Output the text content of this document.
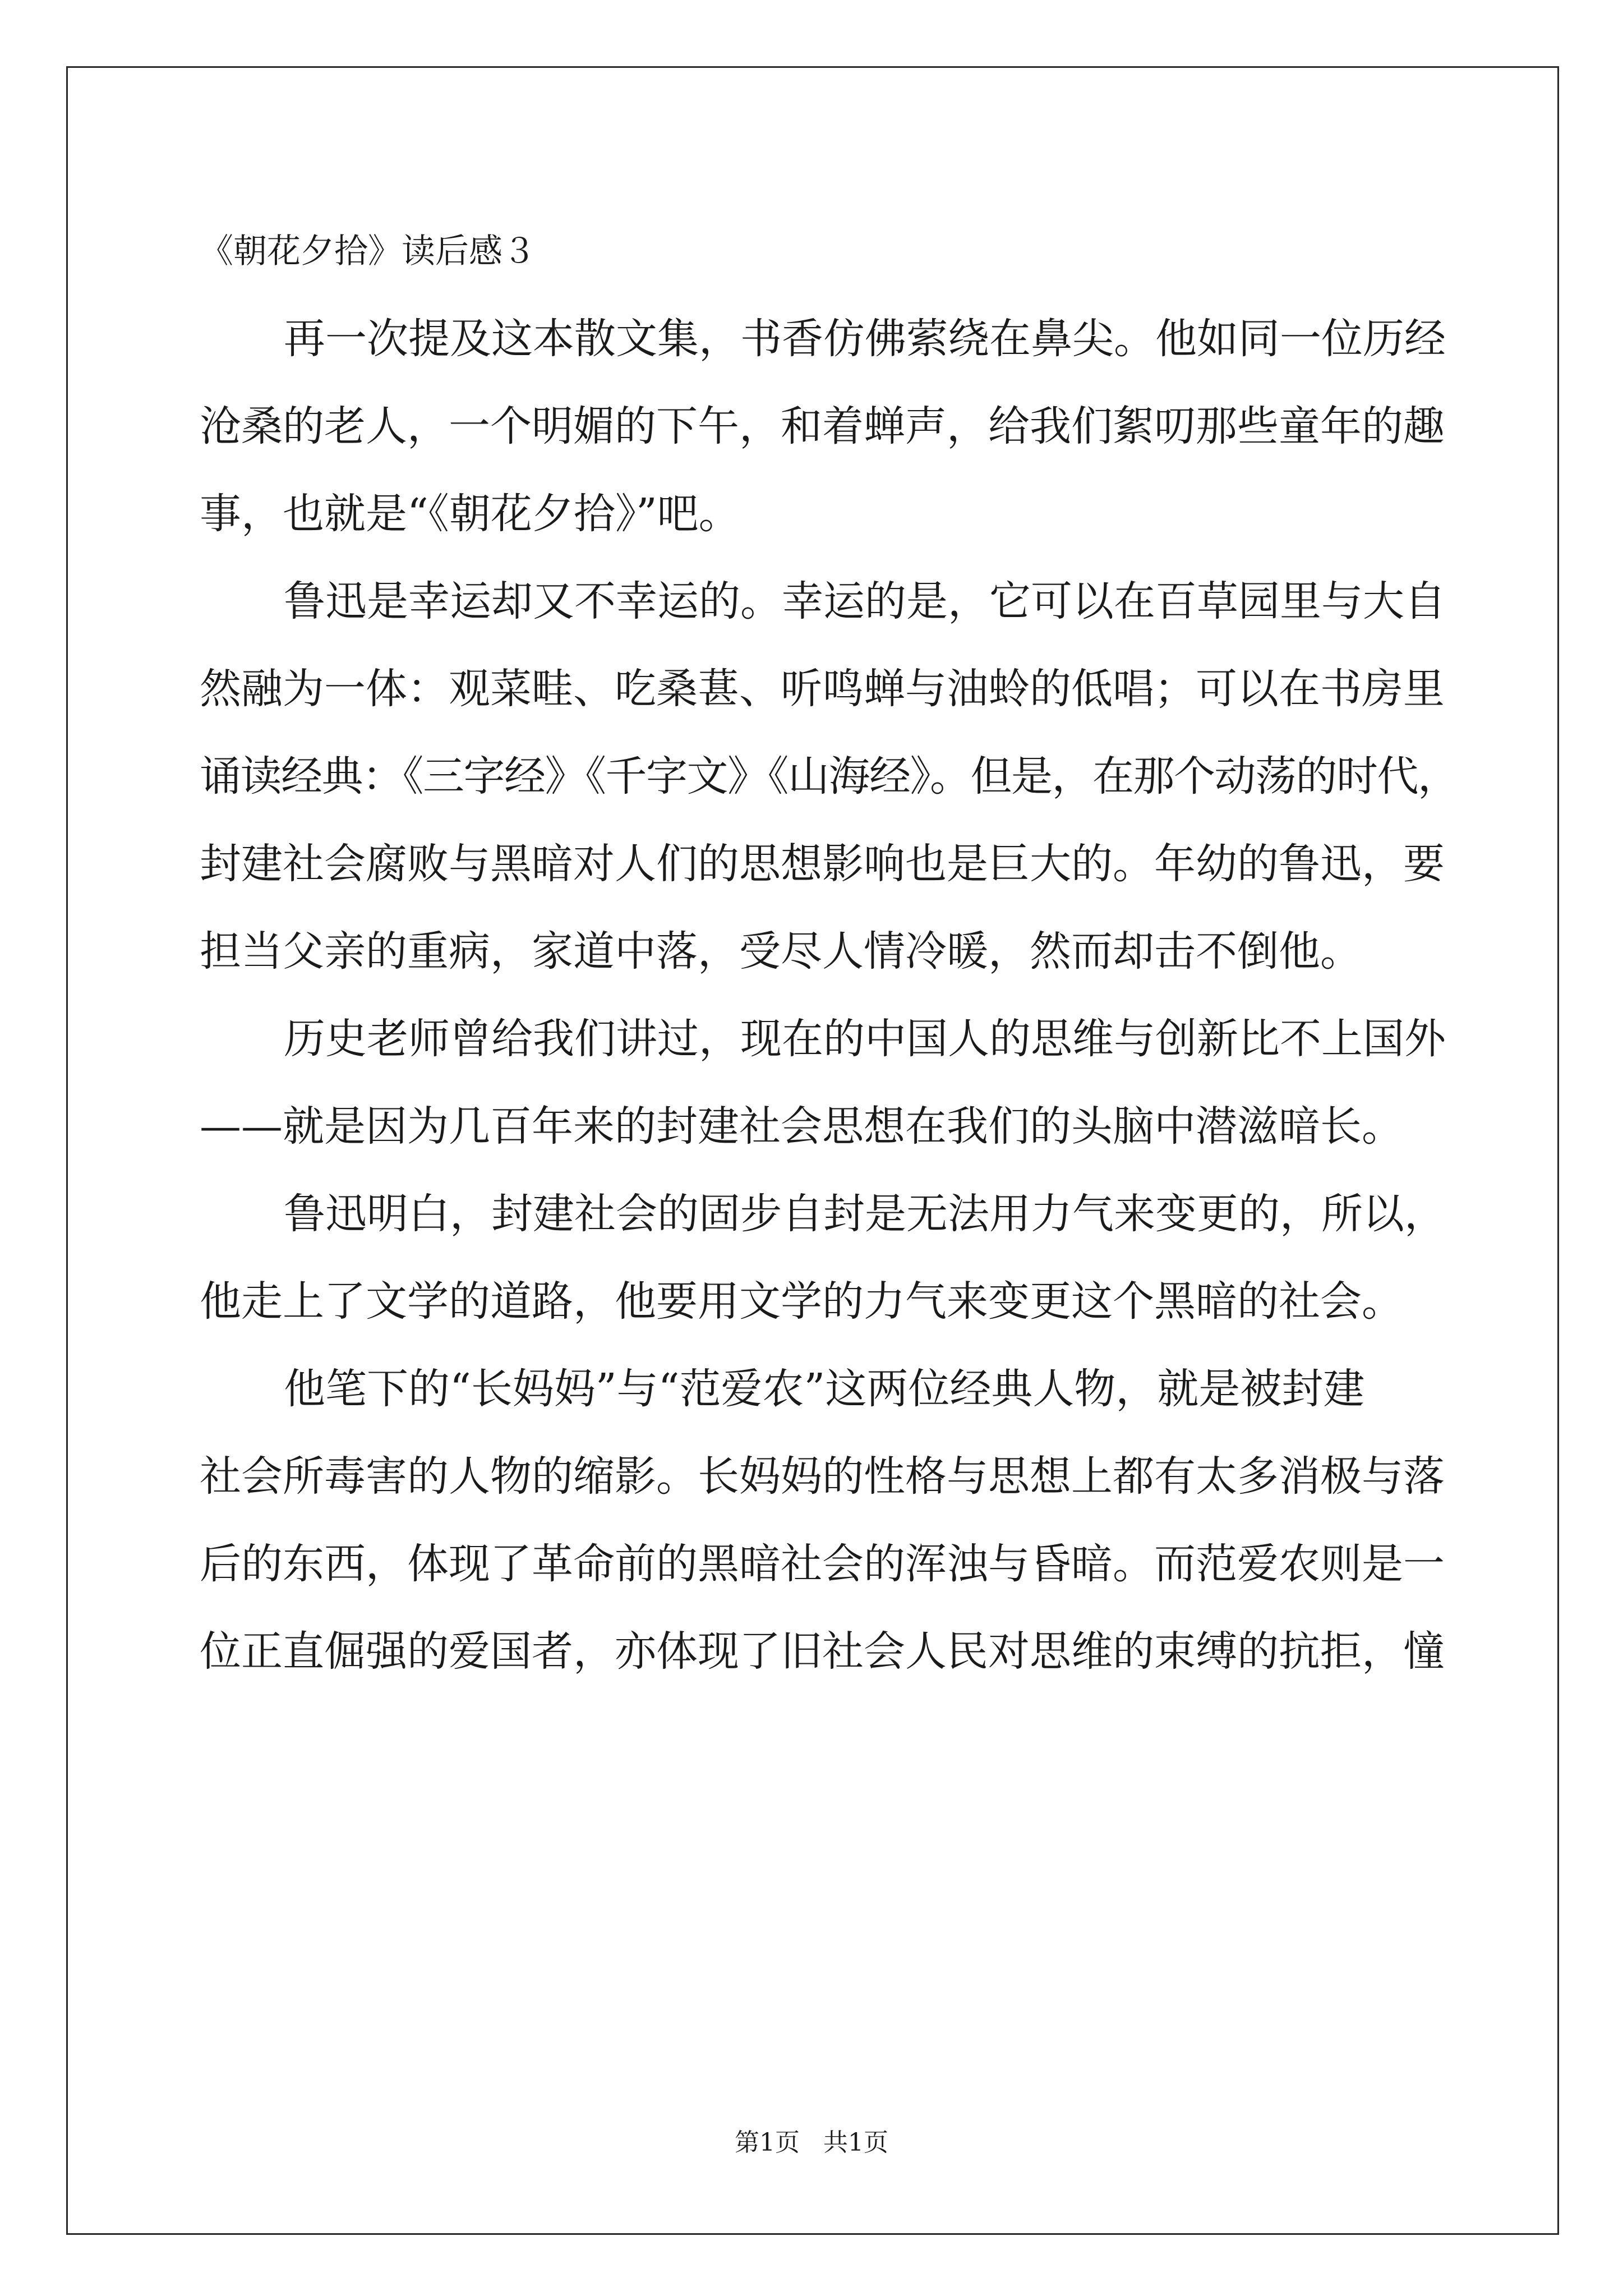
《朝花夕拾》读后感３
再一次提及这本散文集，书香仿佛萦绕在鼻尖。他如同一位历经
沧桑的老人，一个明媚的下午，和着蝉声，给我们絮叨那些童年的趣
事，也就是“《朝花夕拾》”吧。
鲁迅是幸运却又不幸运的。幸运的是，它可以在百草园里与大自
然融为一体：观菜畦、吃桑葚、听鸣蝉与油蛉的低唱；可以在书房里
诵读经典：《三字经》《千字文》《山海经》。但是，在那个动荡的时代，
封建社会腐败与黑暗对人们的思想影响也是巨大的。年幼的鲁迅，要
担当父亲的重病，家道中落，受尽人情冷暖，然而却击不倒他。
历史老师曾给我们讲过，现在的中国人的思维与创新比不上国外
——就是因为几百年来的封建社会思想在我们的头脑中潜滋暗长。
鲁迅明白，封建社会的固步自封是无法用力气来变更的，所以，
他走上了文学的道路，他要用文学的力气来变更这个黑暗的社会。
他笔下的“长妈妈”与“范爱农”这两位经典人物，就是被封建
社会所毒害的人物的缩影。长妈妈的性格与思想上都有太多消极与落
后的东西，体现了革命前的黑暗社会的浑浊与昏暗。而范爱农则是一
位正直倔强的爱国者，亦体现了旧社会人民对思维的束缚的抗拒，憧
第1页   共1页
